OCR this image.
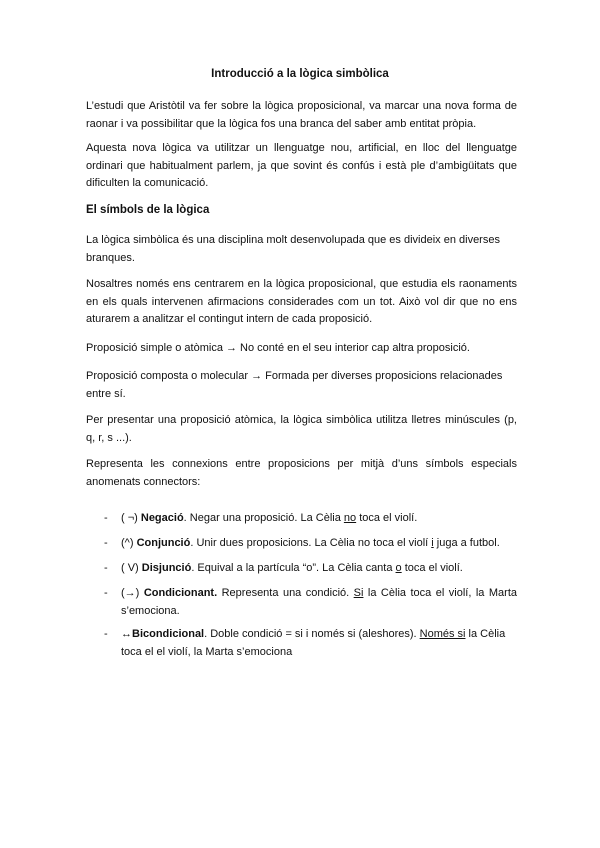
Introducció a la lògica simbòlica

L’estudi que Aristòtil va fer sobre la lògica proposicional, va marcar una nova forma de raonar i va possibilitar que la lògica fos una branca del saber amb entitat pròpia.

Aquesta nova lògica va utilitzar un llenguatge nou, artificial, en lloc del llenguatge ordinari que habitualment parlem, ja que sovint és confús i està ple d’ambigüitats que dificulten la comunicació.

El símbols de la lògica

La lògica simbòlica és una disciplina molt desenvolupada que es divideix en diverses branques.

Nosaltres només ens centrarem en la lògica proposicional, que estudia els raonaments en els quals intervenen afirmacions considerades com un tot. Això vol dir que no ens aturarem a analitzar el contingut intern de cada proposició.

Proposició simple o atòmica → No conté en el seu interior cap altra proposició.

Proposició composta o molecular → Formada per diverses proposicions relacionades entre sí.

Per presentar una proposició atòmica, la lògica simbòlica utilitza lletres minúscules (p, q, r, s ...).

Representa les connexions entre proposicions per mitjà d’uns símbols especials anomenats connectors:

- ( ¬) Negació. Negar una proposició. La Cèlia no toca el violí.
- (^) Conjunció. Unir dues proposicions. La Cèlia no toca el violí i juga a futbol.
- ( V) Disjunció. Equival a la partícula “o”. La Cèlia canta o toca el violí.
- (→) Condicionant. Representa una condició. Si la Cèlia toca el violí, la Marta s’emociona.
- ↔Bicondicional. Doble condició = si i només si (aleshores). Només si la Cèlia toca el el violí, la Marta s’emociona
